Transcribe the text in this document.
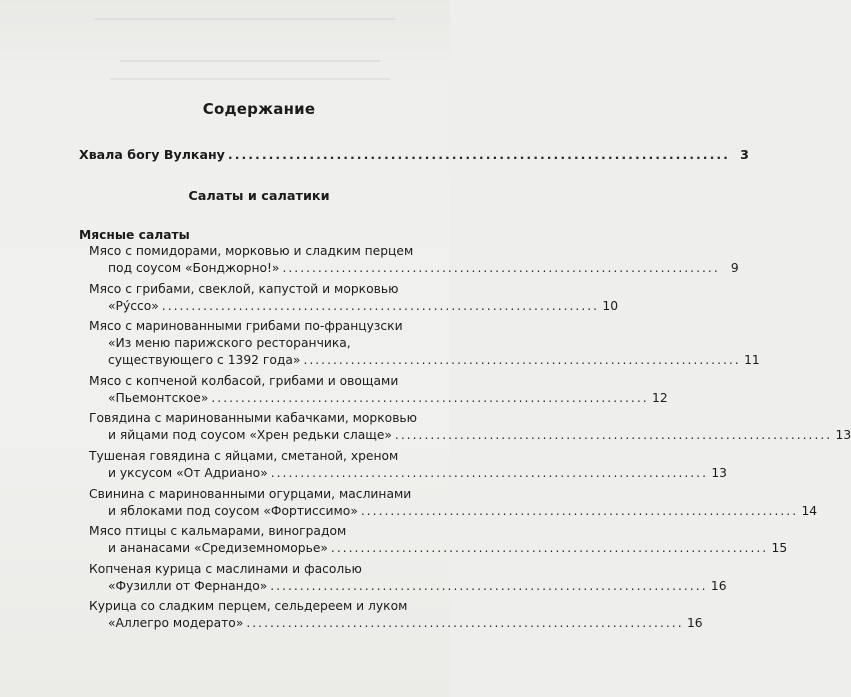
Содержание
Хвала богу Вулкану .......................................................................... 3
Салаты и салатики
Мясные салаты
Мясо с помидорами, морковью и сладким перцем
под соусом «Бонджорно!» .......................................................................... 9
Мясо с грибами, свеклой, капустой и морковью
«Рýссо» .......................................................................... 10
Мясо с маринованными грибами по-французски
«Из меню парижского ресторанчика,
существующего с 1392 года» .......................................................................... 11
Мясо с копченой колбасой, грибами и овощами
«Пьемонтское» .......................................................................... 12
Говядина с маринованными кабачками, морковью
и яйцами под соусом «Хрен редьки слаще» .......................................................................... 13
Тушеная говядина с яйцами, сметаной, хреном
и уксусом «От Адриано» .......................................................................... 13
Свинина с маринованными огурцами, маслинами
и яблоками под соусом «Фортиссимо» .......................................................................... 14
Мясо птицы с кальмарами, виноградом
и ананасами «Средиземноморье» .......................................................................... 15
Копченая курица с маслинами и фасолью
«Фузилли от Фернандо» .......................................................................... 16
Курица со сладким перцем, сельдереем и луком
«Аллегро модерато» .......................................................................... 16
